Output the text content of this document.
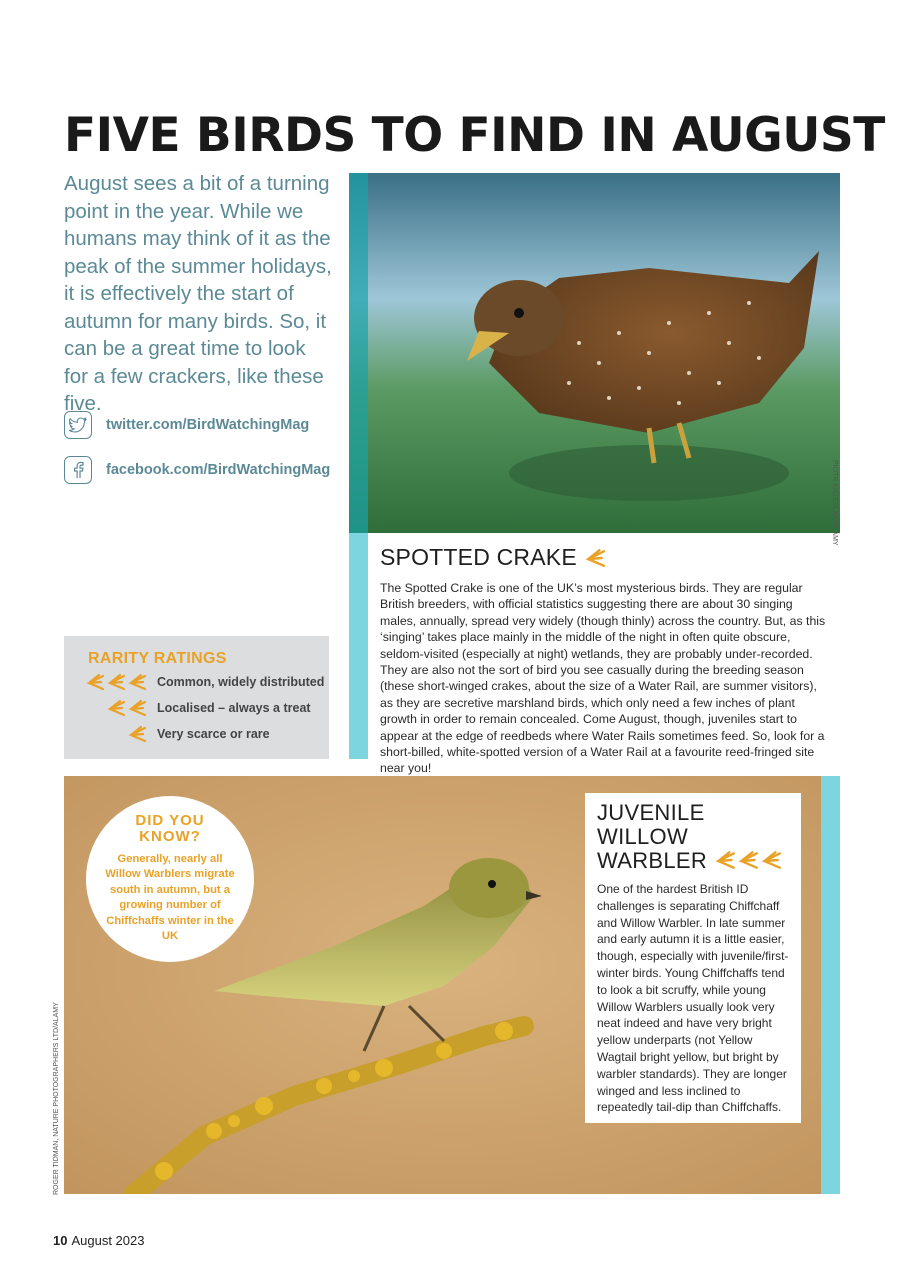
FIVE BIRDS TO FIND IN AUGUST
August sees a bit of a turning point in the year. While we humans may think of it as the peak of the summer holidays, it is effectively the start of autumn for many birds. So, it can be a great time to look for a few crackers, like these five.
twitter.com/BirdWatchingMag
facebook.com/BirdWatchingMag
RARITY RATINGS
Common, widely distributed
Localised – always a treat
Very scarce or rare
PIOTR KRZESLAK/ALAMY
SPOTTED CRAKE
The Spotted Crake is one of the UK’s most mysterious birds. They are regular British breeders, with official statistics suggesting there are about 30 singing males, annually, spread very widely (though thinly) across the country. But, as this ‘singing’ takes place mainly in the middle of the night in often quite obscure, seldom-visited (especially at night) wetlands, they are probably under-recorded. They are also not the sort of bird you see casually during the breeding season (these short-winged crakes, about the size of a Water Rail, are summer visitors), as they are secretive marshland birds, which only need a few inches of plant growth in order to remain concealed. Come August, though, juveniles start to appear at the edge of reedbeds where Water Rails sometimes feed. So, look for a short-billed, white-spotted version of a Water Rail at a favourite reed-fringed site near you!
ROGER TIDMAN, NATURE PHOTOGRAPHERS LTD/ALAMY
DID YOU KNOW?
Generally, nearly all Willow Warblers migrate south in autumn, but a growing number of Chiffchaffs winter in the UK
JUVENILE WILLOW WARBLER
One of the hardest British ID challenges is separating Chiffchaff and Willow Warbler. In late summer and early autumn it is a little easier, though, especially with juvenile/first-winter birds. Young Chiffchaffs tend to look a bit scruffy, while young Willow Warblers usually look very neat indeed and have very bright yellow underparts (not Yellow Wagtail bright yellow, but bright by warbler standards). They are longer winged and less inclined to repeatedly tail-dip than Chiffchaffs.
10 August 2023
